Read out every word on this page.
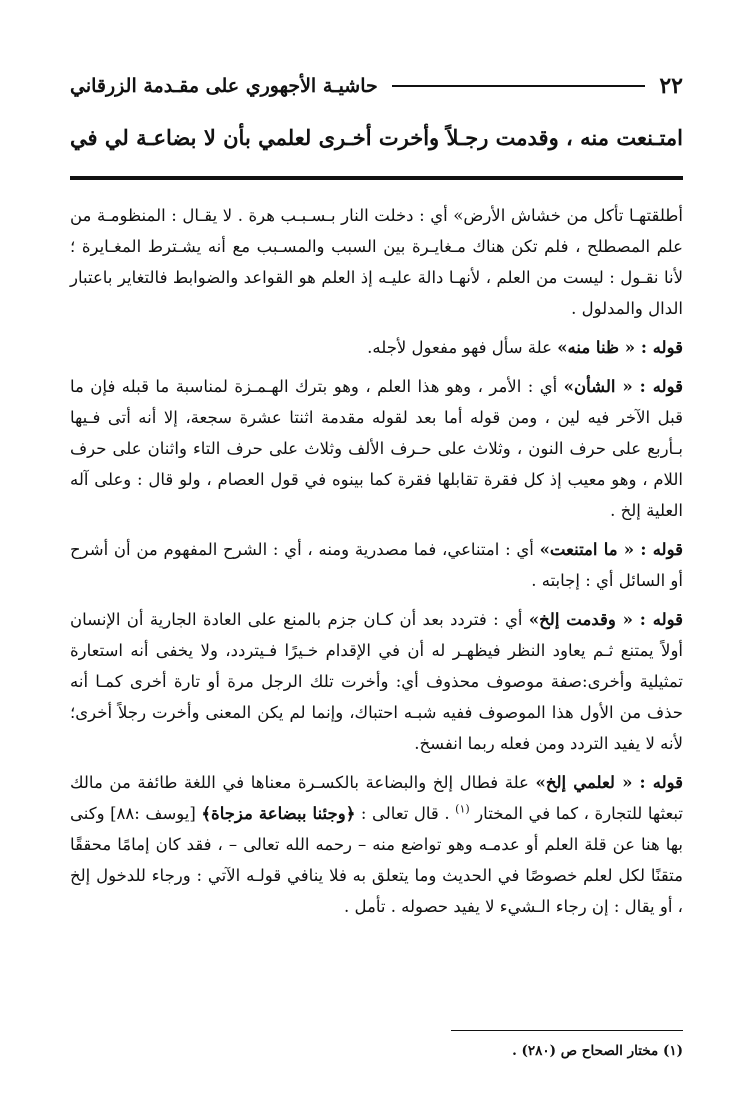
٢٢
حاشيـة الأجهوري على مقـدمة الزرقاني
امتـنعت منه ، وقدمت رجـلاً وأخرت أخـرى لعلمي بأن لا بضاعـة لي في

أطلقتهـا تأكل من خشاش الأرض» أي : دخلت النار بـسـبـب هرة . لا يقـال : المنظومـة من علم المصطلح ، فلم تكن هناك مـغايـرة بين السبب والمسـبب مع أنه يشـترط المغـايرة ؛ لأنا نقـول : ليست من العلم ، لأنهـا دالة عليـه إذ العلم هو القواعد والضوابط فالتغاير باعتبار الدال والمدلول .

قوله : « ظنا منه» علة سأل فهو مفعول لأجله.

قوله : « الشأن» أي : الأمر ، وهو هذا العلم ، وهو بترك الهـمـزة لمناسبة ما قبله فإن ما قبل الآخر فيه لين ، ومن قوله أما بعد لقوله مقدمة اثنتا عشرة سجعة، إلا أنه أتى فـيها بـأربع على حرف النون ، وثلاث على حـرف الألف وثلاث على حرف التاء واثنان على حرف اللام ، وهو معيب إذ كل فقرة تقابلها فقرة كما بينوه في قول العصام ، ولو قال : وعلى آله العلية إلخ .

قوله : « ما امتنعت» أي : امتناعي، فما مصدرية ومنه ، أي : الشرح المفهوم من أن أشرح أو السائل أي : إجابته .

قوله : « وقدمت إلخ» أي : فتردد بعد أن كـان جزم بالمنع على العادة الجارية أن الإنسان أولاً يمتنع ثـم يعاود النظر فيظهـر له أن في الإقدام خـيرًا فـيتردد، ولا يخفى أنه استعارة تمثيلية وأخرى:صفة موصوف محذوف أي: وأخرت تلك الرجل مرة أو تارة أخرى كمـا أنه حذف من الأول هذا الموصوف ففيه شبـه احتباك، وإنما لم يكن المعنى وأخرت رجلاً أخرى؛ لأنه لا يفيد التردد ومن فعله ربما انفسخ.

قوله : « لعلمي إلخ» علة فطال إلخ والبضاعة بالكسـرة معناها في اللغة طائفة من مالك تبعثها للتجارة ، كما في المختار $^{(١)}$ . قال تعالى : ﴿وجئنا ببضاعة مزجاة﴾ [يوسف :٨٨] وكنى بها هنا عن قلة العلم أو عدمـه وهو تواضع منه – رحمه الله تعالى – ، فقد كان إمامًا محققًا متقنًا لكل لعلم خصوصًا في الحديث وما يتعلق به فلا ينافي قولـه الآتي : ورجاء للدخول إلخ ، أو يقال : إن رجاء الـشيء لا يفيد حصوله . تأمل .

(١) مختار الصحاح ص (٢٨٠) .
